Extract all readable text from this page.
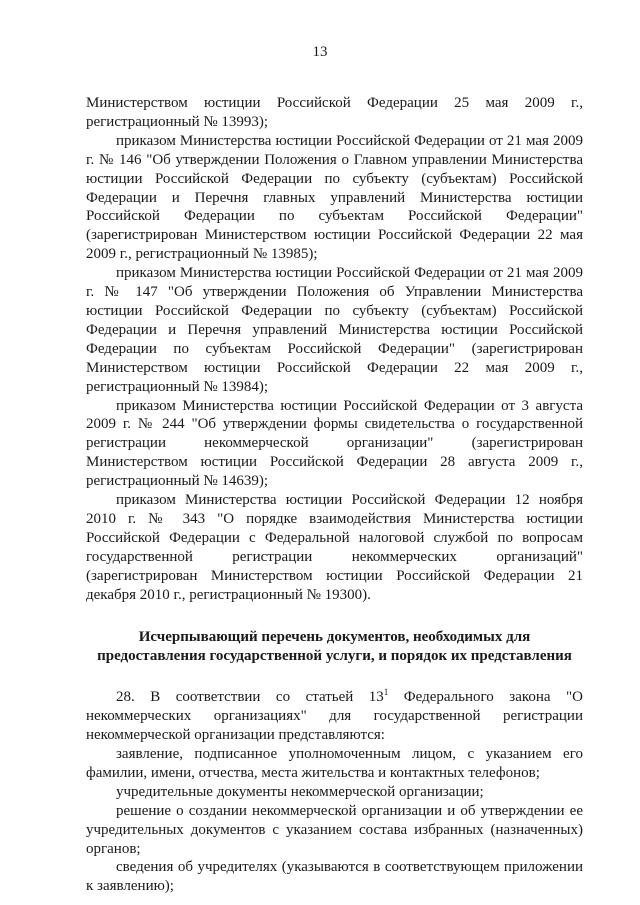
13

Министерством юстиции Российской Федерации 25 мая 2009 г., регистрационный № 13993);

приказом Министерства юстиции Российской Федерации от 21 мая 2009 г. № 146 "Об утверждении Положения о Главном управлении Министерства юстиции Российской Федерации по субъекту (субъектам) Российской Федерации и Перечня главных управлений Министерства юстиции Российской Федерации по субъектам Российской Федерации" (зарегистрирован Министерством юстиции Российской Федерации 22 мая 2009 г., регистрационный № 13985);

приказом Министерства юстиции Российской Федерации от 21 мая 2009 г. № 147 "Об утверждении Положения об Управлении Министерства юстиции Российской Федерации по субъекту (субъектам) Российской Федерации и Перечня управлений Министерства юстиции Российской Федерации по субъектам Российской Федерации" (зарегистрирован Министерством юстиции Российской Федерации 22 мая 2009 г., регистрационный № 13984);

приказом Министерства юстиции Российской Федерации от 3 августа 2009 г. № 244 "Об утверждении формы свидетельства о государственной регистрации некоммерческой организации" (зарегистрирован Министерством юстиции Российской Федерации 28 августа 2009 г., регистрационный № 14639);

приказом Министерства юстиции Российской Федерации 12 ноября 2010 г. № 343 "О порядке взаимодействия Министерства юстиции Российской Федерации с Федеральной налоговой службой по вопросам государственной регистрации некоммерческих организаций" (зарегистрирован Министерством юстиции Российской Федерации 21 декабря 2010 г., регистрационный № 19300).

Исчерпывающий перечень документов, необходимых для предоставления государственной услуги, и порядок их представления

28. В соответствии со статьей $13^1$ Федерального закона "О некоммерческих организациях" для государственной регистрации некоммерческой организации представляются:

заявление, подписанное уполномоченным лицом, с указанием его фамилии, имени, отчества, места жительства и контактных телефонов;

учредительные документы некоммерческой организации;

решение о создании некоммерческой организации и об утверждении ее учредительных документов с указанием состава избранных (назначенных) органов;

сведения об учредителях (указываются в соответствующем приложении к заявлению);
